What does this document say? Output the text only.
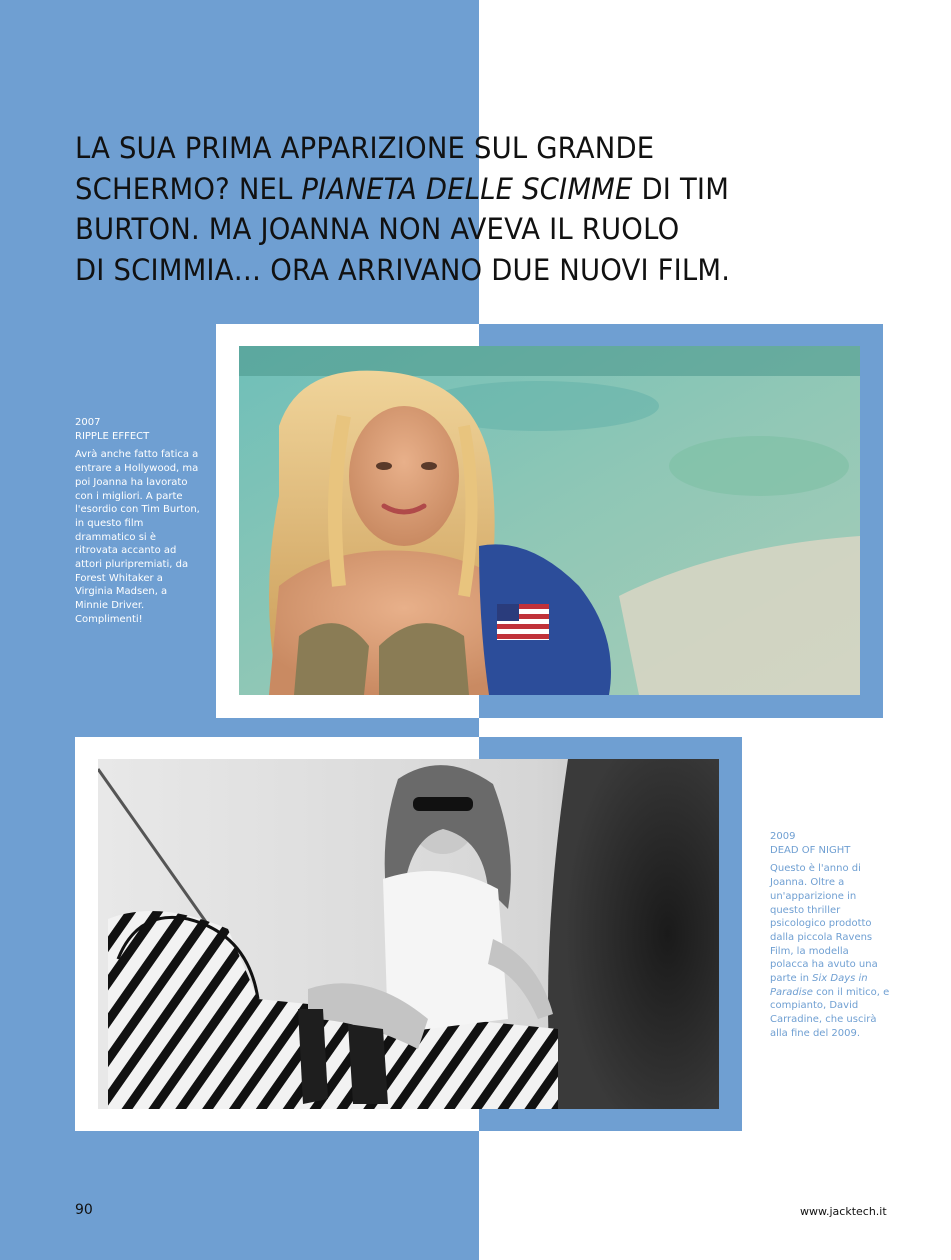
LA SUA PRIMA APPARIZIONE SUL GRANDE
SCHERMO? NEL PIANETA DELLE SCIMME DI TIM
BURTON. MA JOANNA NON AVEVA IL RUOLO
DI SCIMMIA… ORA ARRIVANO DUE NUOVI FILM.
2007
RIPPLE EFFECT

Avrà anche fatto fatica a entrare a Hollywood, ma poi Joanna ha lavorato con i migliori. A parte l'esordio con Tim Burton, in questo film drammatico si è ritrovata accanto ad attori pluripremiati, da Forest Whitaker a Virginia Madsen, a Minnie Driver. Complimenti!

2009
DEAD OF NIGHT

Questo è l'anno di Joanna. Oltre a un'apparizione in questo thriller psicologico prodotto dalla piccola Ravens Film, la modella polacca ha avuto una parte in Six Days in Paradise con il mitico, e compianto, David Carradine, che uscirà alla fine del 2009.

90	www.jacktech.it
